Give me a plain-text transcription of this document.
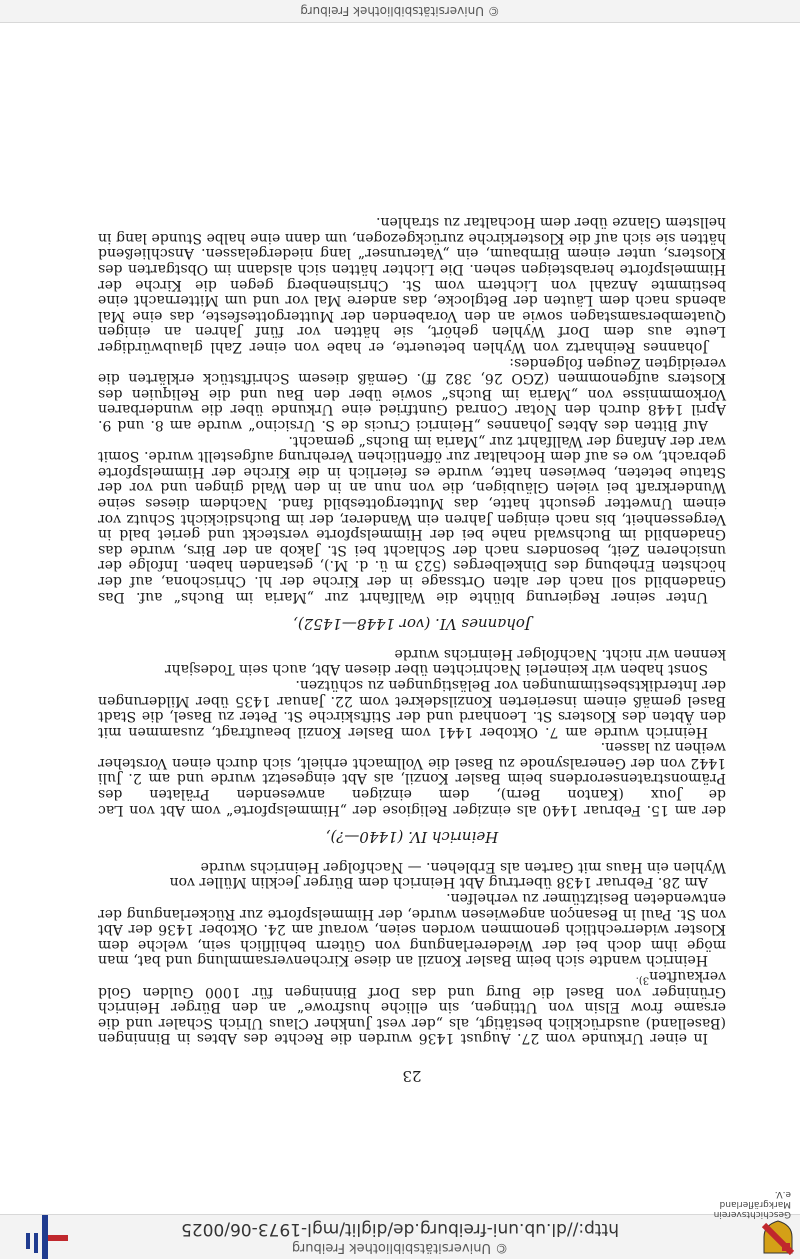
Geschichtsverein
Markgräflerland e.V.
© Universitätsbibliothek Freiburg
http://dl.ub.uni-freiburg.de/diglit/mgl-1973-06/0025
23

In einer Urkunde vom 27. August 1436 wurden die Rechte des Abtes in Binningen (Baselland) ausdrücklich bestätigt, als „der vest Junkher Claus Ulrich Schaler und die ersame frow Elsin von Uttingen, sin elliche husfrowe“ an den Bürger Heinrich Grüninger von Basel die Burg und das Dorf Binningen für 1000 Gulden Gold verkauften$^{3).}$

Heinrich wandte sich beim Basler Konzil an diese Kirchenversammlung und bat, man möge ihm doch bei der Wiedererlangung von Gütern behilflich sein, welche dem Kloster widerrechtlich genommen worden seien, worauf am 24. Oktober 1436 der Abt von St. Paul in Besançon angewiesen wurde, der Himmelspforte zur Rückerlangung der entwendeten Besitztümer zu verhelfen.

Am 28. Februar 1438 übertrug Abt Heinrich dem Bürger Jecklin Müller von

Wyhlen ein Haus mit Garten als Erblehen. — Nachfolger Heinrichs wurde

Heinrich IV. (1440—?),

der am 15. Februar 1440 als einziger Religiose der „Himmelspforte“ vom Abt von Lac de Joux (Kanton Bern), dem einzigen anwesenden Prälaten des Prämonstratenserordens beim Basler Konzil, als Abt eingesetzt wurde und am 2. Juli 1442 von der Generalsynode zu Basel die Vollmacht erhielt, sich durch einen Vorsteher weihen zu lassen.

Heinrich wurde am 7. Oktober 1441 vom Basler Konzil beauftragt, zusammen mit den Äbten des Klosters St. Leonhard und der Stiftskirche St. Peter zu Basel, die Stadt Basel gemäß einem inserierten Konzilsdekret vom 22. Januar 1435 über Milderungen der Interdiktsbestimmungen vor Belästigungen zu schützen.

Sonst haben wir keinerlei Nachrichten über diesen Abt, auch sein Todesjahr

kennen wir nicht. Nachfolger Heinrichs wurde

Johannes VI. (vor 1448—1452),

Unter seiner Regierung blühte die Wallfahrt zur „Maria im Buchs“ auf. Das Gnadenbild soll nach der alten Ortssage in der Kirche der hl. Chrischona, auf der höchsten Erhebung des Dinkelberges (523 m ü. d. M.), gestanden haben. Infolge der unsicheren Zeit, besonders nach der Schlacht bei St. Jakob an der Birs, wurde das Gnadenbild im Buchswald nahe bei der Himmelspforte versteckt und geriet bald in Vergessenheit, bis nach einigen Jahren ein Wanderer, der im Buchsdickicht Schutz vor einem Unwetter gesucht hatte, das Muttergottesbild fand. Nachdem dieses seine Wunderkraft bei vielen Gläubigen, die von nun an in den Wald gingen und vor der Statue beteten, bewiesen hatte, wurde es feierlich in die Kirche der Himmelspforte gebracht, wo es auf dem Hochaltar zur öffentlichen Verehrung aufgestellt wurde. Somit war der Anfang der Wallfahrt zur „Maria im Buchs“ gemacht.

Auf Bitten des Abtes Johannes „Heinrici Crucis de S. Ursicino“ wurde am 8. und 9. April 1448 durch den Notar Conrad Guntfried eine Urkunde über die wunderbaren Vorkommnisse von „Maria im Buchs“ sowie über den Bau und die Reliquien des Klosters aufgenommen (ZGO 26, 382 ff). Gemäß diesem Schriftstück erklärten die vereidigten Zeugen folgendes:

Johannes Reinhartz von Wyhlen beteuerte, er habe von einer Zahl glaubwürdiger Leute aus dem Dorf Wyhlen gehört, sie hätten vor fünf Jahren an einigen Quatembersamstagen sowie an den Vorabenden der Muttergottesfeste, das eine Mal abends nach dem Läuten der Betglocke, das andere Mal vor und um Mitternacht eine bestimmte Anzahl von Lichtern vom St. Chrisinenberg gegen die Kirche der Himmelspforte herabsteigen sehen. Die Lichter hätten sich alsdann im Obstgarten des Klosters, unter einem Birnbaum, ein „Vaterunser“ lang niedergelassen. Anschließend hätten sie sich auf die Klosterkirche zurückgezogen, um dann eine halbe Stunde lang in hellstem Glanze über dem Hochaltar zu strahlen.

© Universitätsbibliothek Freiburg
